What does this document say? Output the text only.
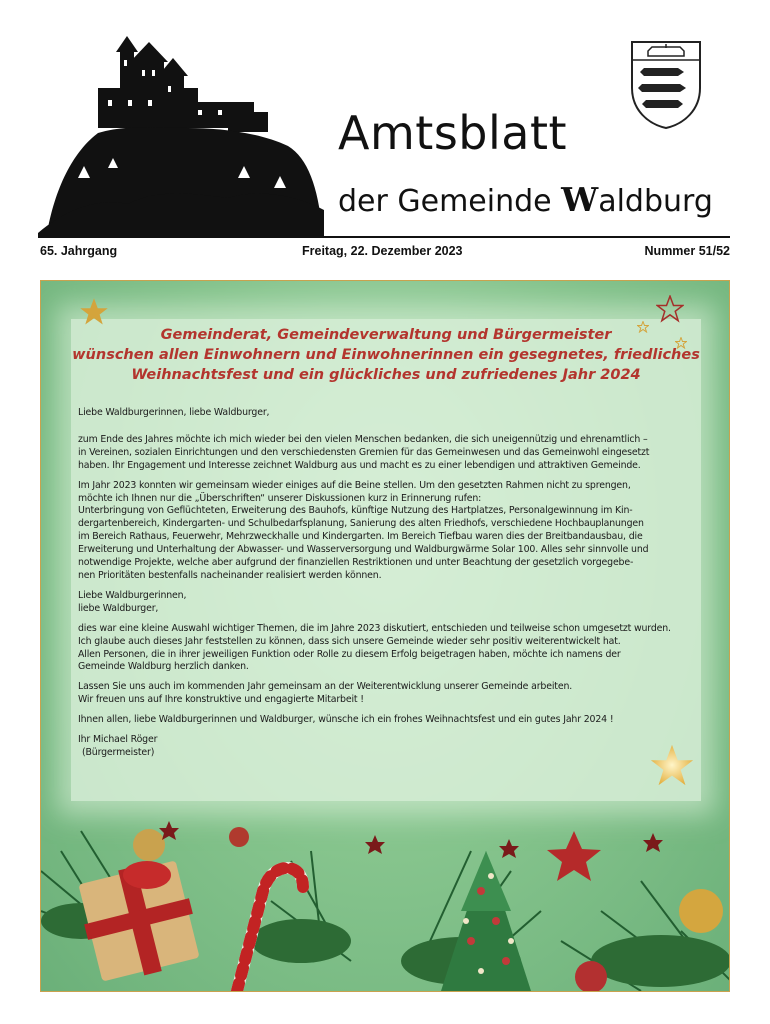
Amtsblatt
der Gemeinde Waldburg
65. Jahrgang	Freitag, 22. Dezember 2023	Nummer 51/52
Gemeinderat, Gemeindeverwaltung und Bürgermeister
wünschen allen Einwohnern und Einwohnerinnen ein gesegnetes, friedliches
Weihnachtsfest und ein glückliches und zufriedenes Jahr 2024

Liebe Waldburgerinnen, liebe Waldburger,

zum Ende des Jahres möchte ich mich wieder bei den vielen Menschen bedanken, die sich uneigennützig und ehrenamtlich –
in Vereinen, sozialen Einrichtungen und den verschiedensten Gremien für das Gemeinwesen und das Gemeinwohl eingesetzt
haben. Ihr Engagement und Interesse zeichnet Waldburg aus und macht es zu einer lebendigen und attraktiven Gemeinde.

Im Jahr 2023 konnten wir gemeinsam wieder einiges auf die Beine stellen. Um den gesetzten Rahmen nicht zu sprengen,
möchte ich Ihnen nur die „Überschriften“ unserer Diskussionen kurz in Erinnerung rufen:
Unterbringung von Geflüchteten, Erweiterung des Bauhofs, künftige Nutzung des Hartplatzes, Personalgewinnung im Kin-
dergartenbereich, Kindergarten- und Schulbedarfsplanung, Sanierung des alten Friedhofs, verschiedene Hochbauplanungen
im Bereich Rathaus, Feuerwehr, Mehrzweckhalle und Kindergarten. Im Bereich Tiefbau waren dies der Breitbandausbau, die
Erweiterung und Unterhaltung der Abwasser- und Wasserversorgung und Waldburgwärme Solar 100. Alles sehr sinnvolle und
notwendige Projekte, welche aber aufgrund der finanziellen Restriktionen und unter Beachtung der gesetzlich vorgegebe-
nen Prioritäten bestenfalls nacheinander realisiert werden können.

Liebe Waldburgerinnen,
liebe Waldburger,

dies war eine kleine Auswahl wichtiger Themen, die im Jahre 2023 diskutiert, entschieden und teilweise schon umgesetzt wurden.
Ich glaube auch dieses Jahr feststellen zu können, dass sich unsere Gemeinde wieder sehr positiv weiterentwickelt hat.
Allen Personen, die in ihrer jeweiligen Funktion oder Rolle zu diesem Erfolg beigetragen haben, möchte ich namens der
Gemeinde Waldburg herzlich danken.

Lassen Sie uns auch im kommenden Jahr gemeinsam an der Weiterentwicklung unserer Gemeinde arbeiten.
Wir freuen uns auf Ihre konstruktive und engagierte Mitarbeit !

Ihnen allen, liebe Waldburgerinnen und Waldburger, wünsche ich ein frohes Weihnachtsfest und ein gutes Jahr 2024 !

Ihr Michael Röger
(Bürgermeister)
